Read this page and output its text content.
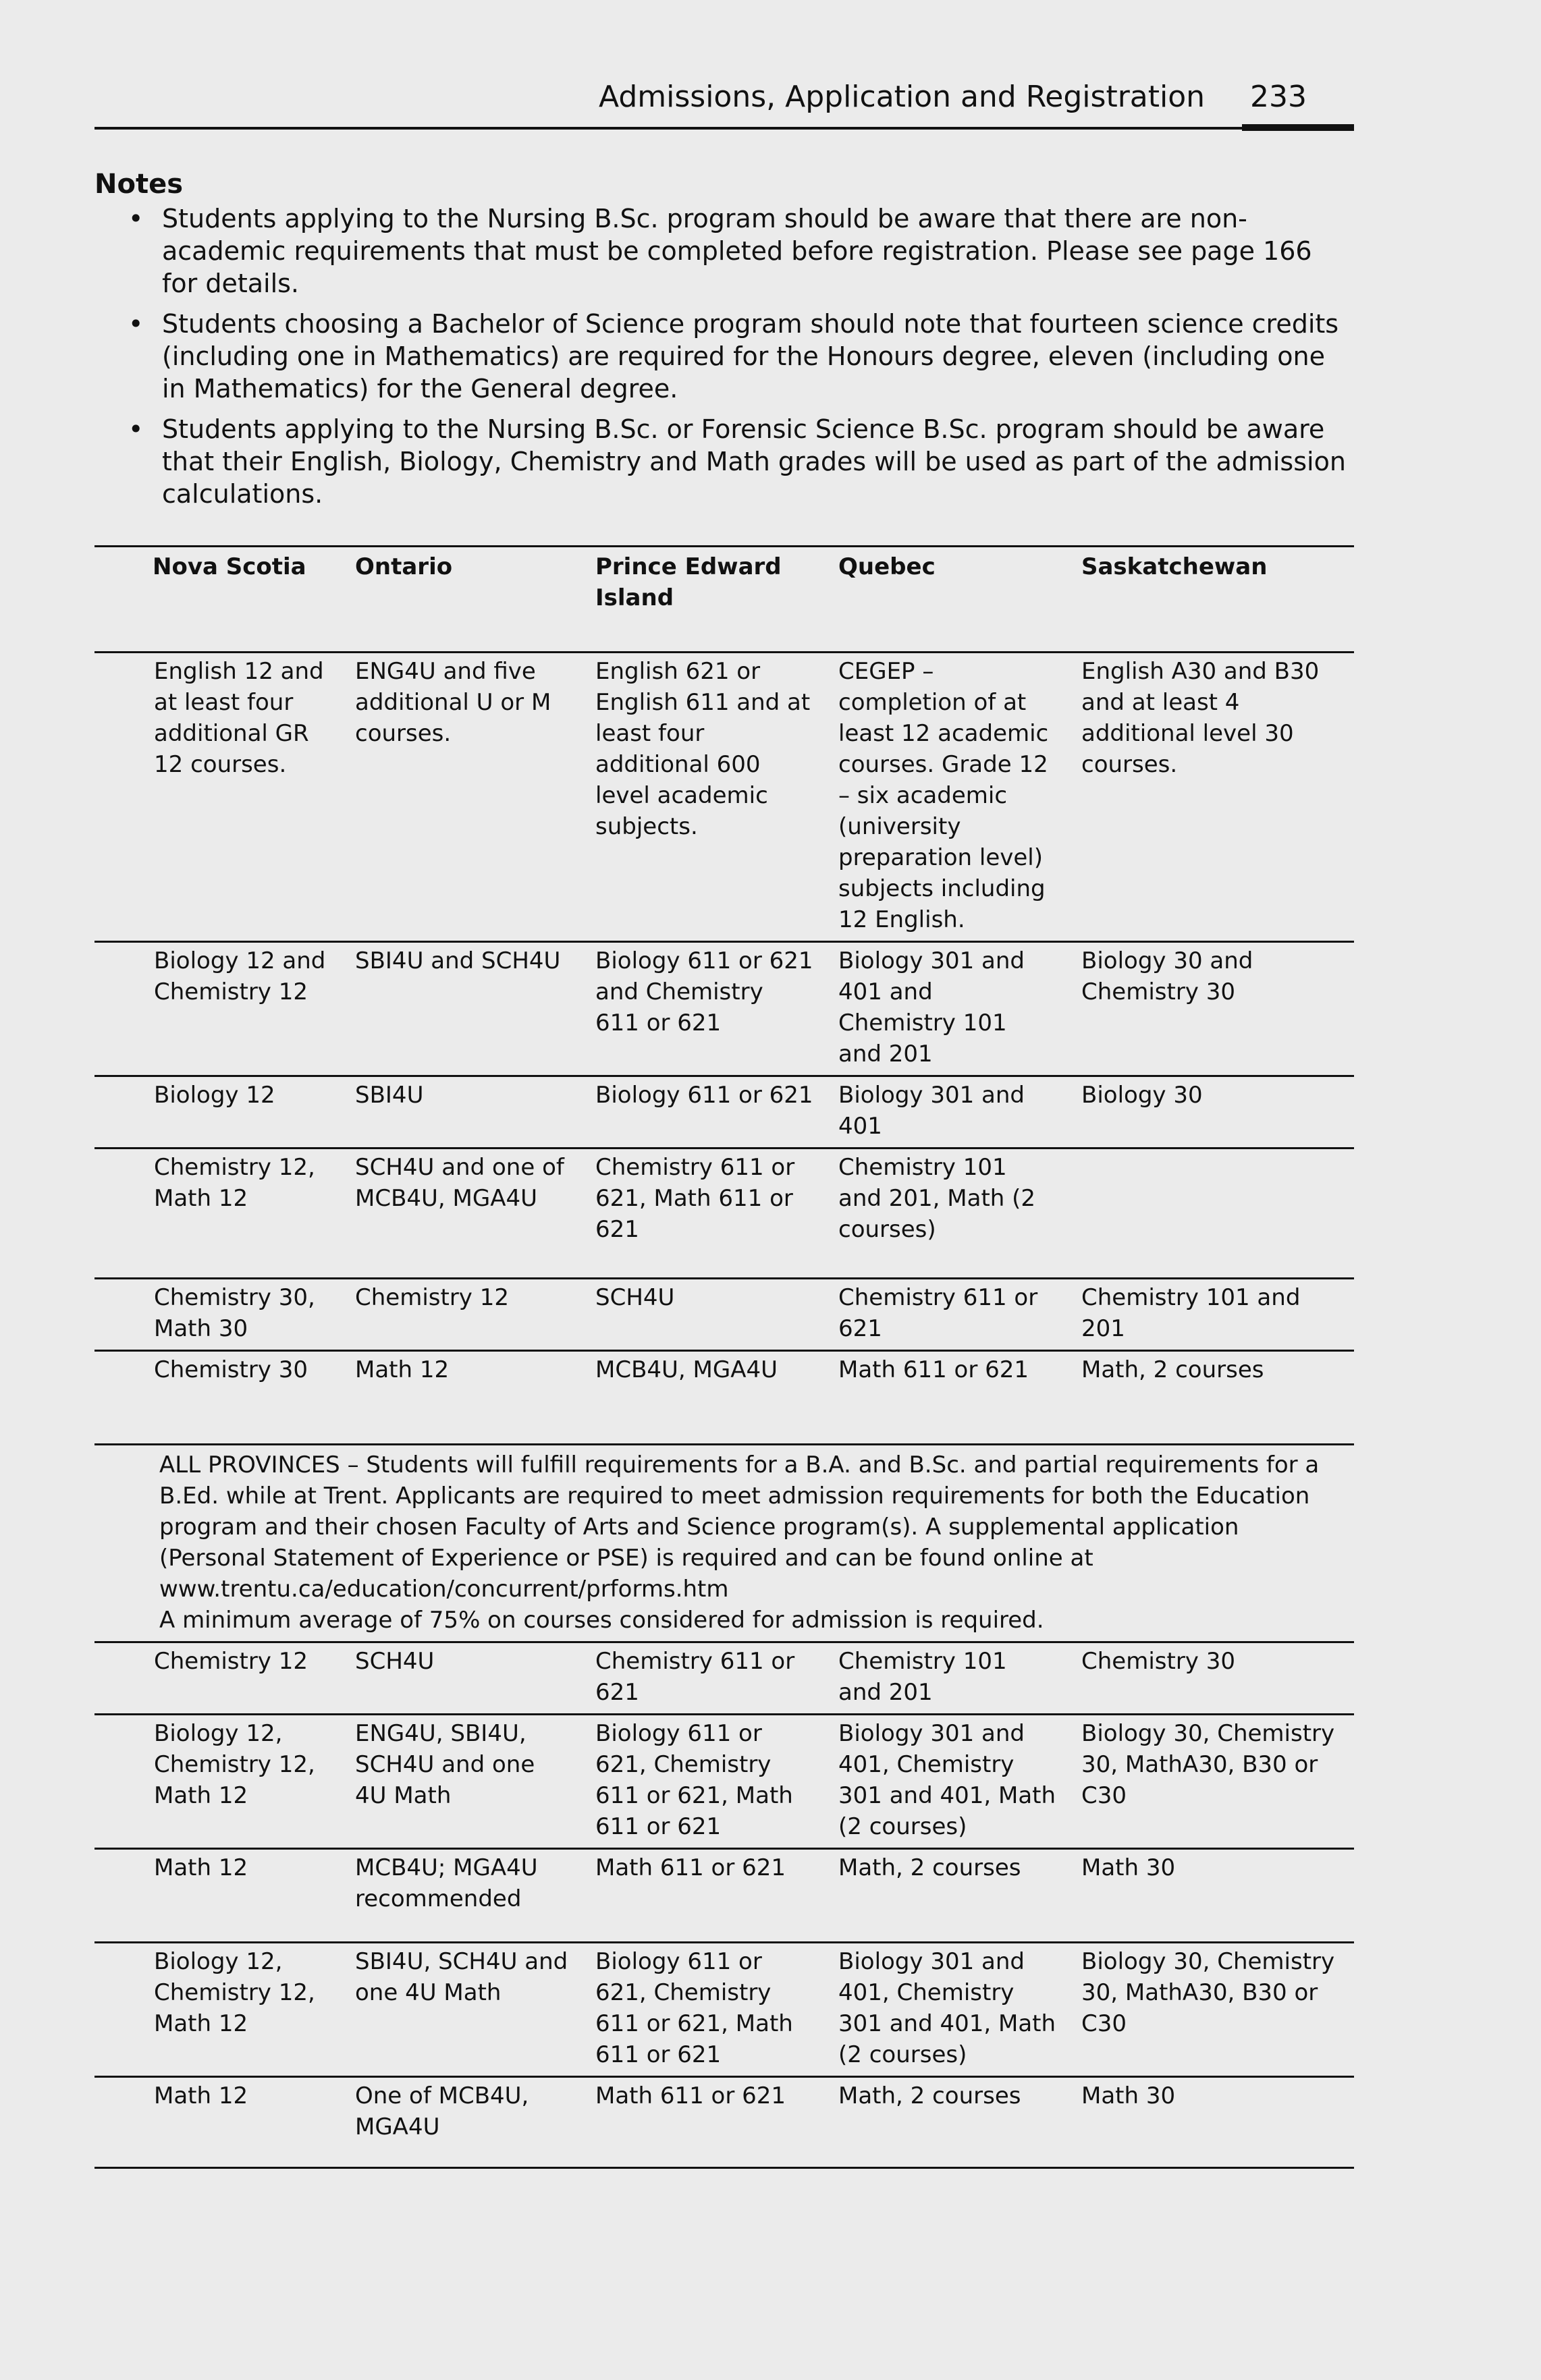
Admissions, Application and Registration 233
Notes
• Students applying to the Nursing B.Sc. program should be aware that there are non-academic requirements that must be completed before registration. Please see page 166 for details.
• Students choosing a Bachelor of Science program should note that fourteen science credits (including one in Mathematics) are required for the Honours degree, eleven (including one in Mathematics) for the General degree.
• Students applying to the Nursing B.Sc. or Forensic Science B.Sc. program should be aware that their English, Biology, Chemistry and Math grades will be used as part of the admission calculations.
Nova Scotia	Ontario	Prince Edward Island	Quebec	Saskatchewan
English 12 and at least four additional GR 12 courses.	ENG4U and five additional U or M courses.	English 621 or English 611 and at least four additional 600 level academic subjects.	CEGEP – completion of at least 12 academic courses. Grade 12 – six academic (university preparation level) subjects including 12 English.	English A30 and B30 and at least 4 additional level 30 courses.
Biology 12 and Chemistry 12	SBI4U and SCH4U	Biology 611 or 621 and Chemistry 611 or 621	Biology 301 and 401 and Chemistry 101 and 201	Biology 30 and Chemistry 30
Biology 12	SBI4U	Biology 611 or 621	Biology 301 and 401	Biology 30
Chemistry 12, Math 12	SCH4U and one of MCB4U, MGA4U	Chemistry 611 or 621, Math 611 or 621	Chemistry 101 and 201, Math (2 courses)	
Chemistry 30, Math 30	Chemistry 12	SCH4U	Chemistry 611 or 621	Chemistry 101 and 201
Chemistry 30	Math 12	MCB4U, MGA4U	Math 611 or 621	Math, 2 courses
ALL PROVINCES – Students will fulfill requirements for a B.A. and B.Sc. and partial requirements for a B.Ed. while at Trent. Applicants are required to meet admission requirements for both the Education program and their chosen Faculty of Arts and Science program(s). A supplemental application (Personal Statement of Experience or PSE) is required and can be found online at www.trentu.ca/education/concurrent/prforms.htm
A minimum average of 75% on courses considered for admission is required.				
Chemistry 12	SCH4U	Chemistry 611 or 621	Chemistry 101 and 201	Chemistry 30
Biology 12, Chemistry 12, Math 12	ENG4U, SBI4U, SCH4U and one 4U Math	Biology 611 or 621, Chemistry 611 or 621, Math 611 or 621	Biology 301 and 401, Chemistry 301 and 401, Math (2 courses)	Biology 30, Chemistry 30, MathA30, B30 or C30
Math 12	MCB4U; MGA4U recommended	Math 611 or 621	Math, 2 courses	Math 30
Biology 12, Chemistry 12, Math 12	SBI4U, SCH4U and one 4U Math	Biology 611 or 621, Chemistry 611 or 621, Math 611 or 621	Biology 301 and 401, Chemistry 301 and 401, Math (2 courses)	Biology 30, Chemistry 30, MathA30, B30 or C30
Math 12	One of MCB4U, MGA4U	Math 611 or 621	Math, 2 courses	Math 30
